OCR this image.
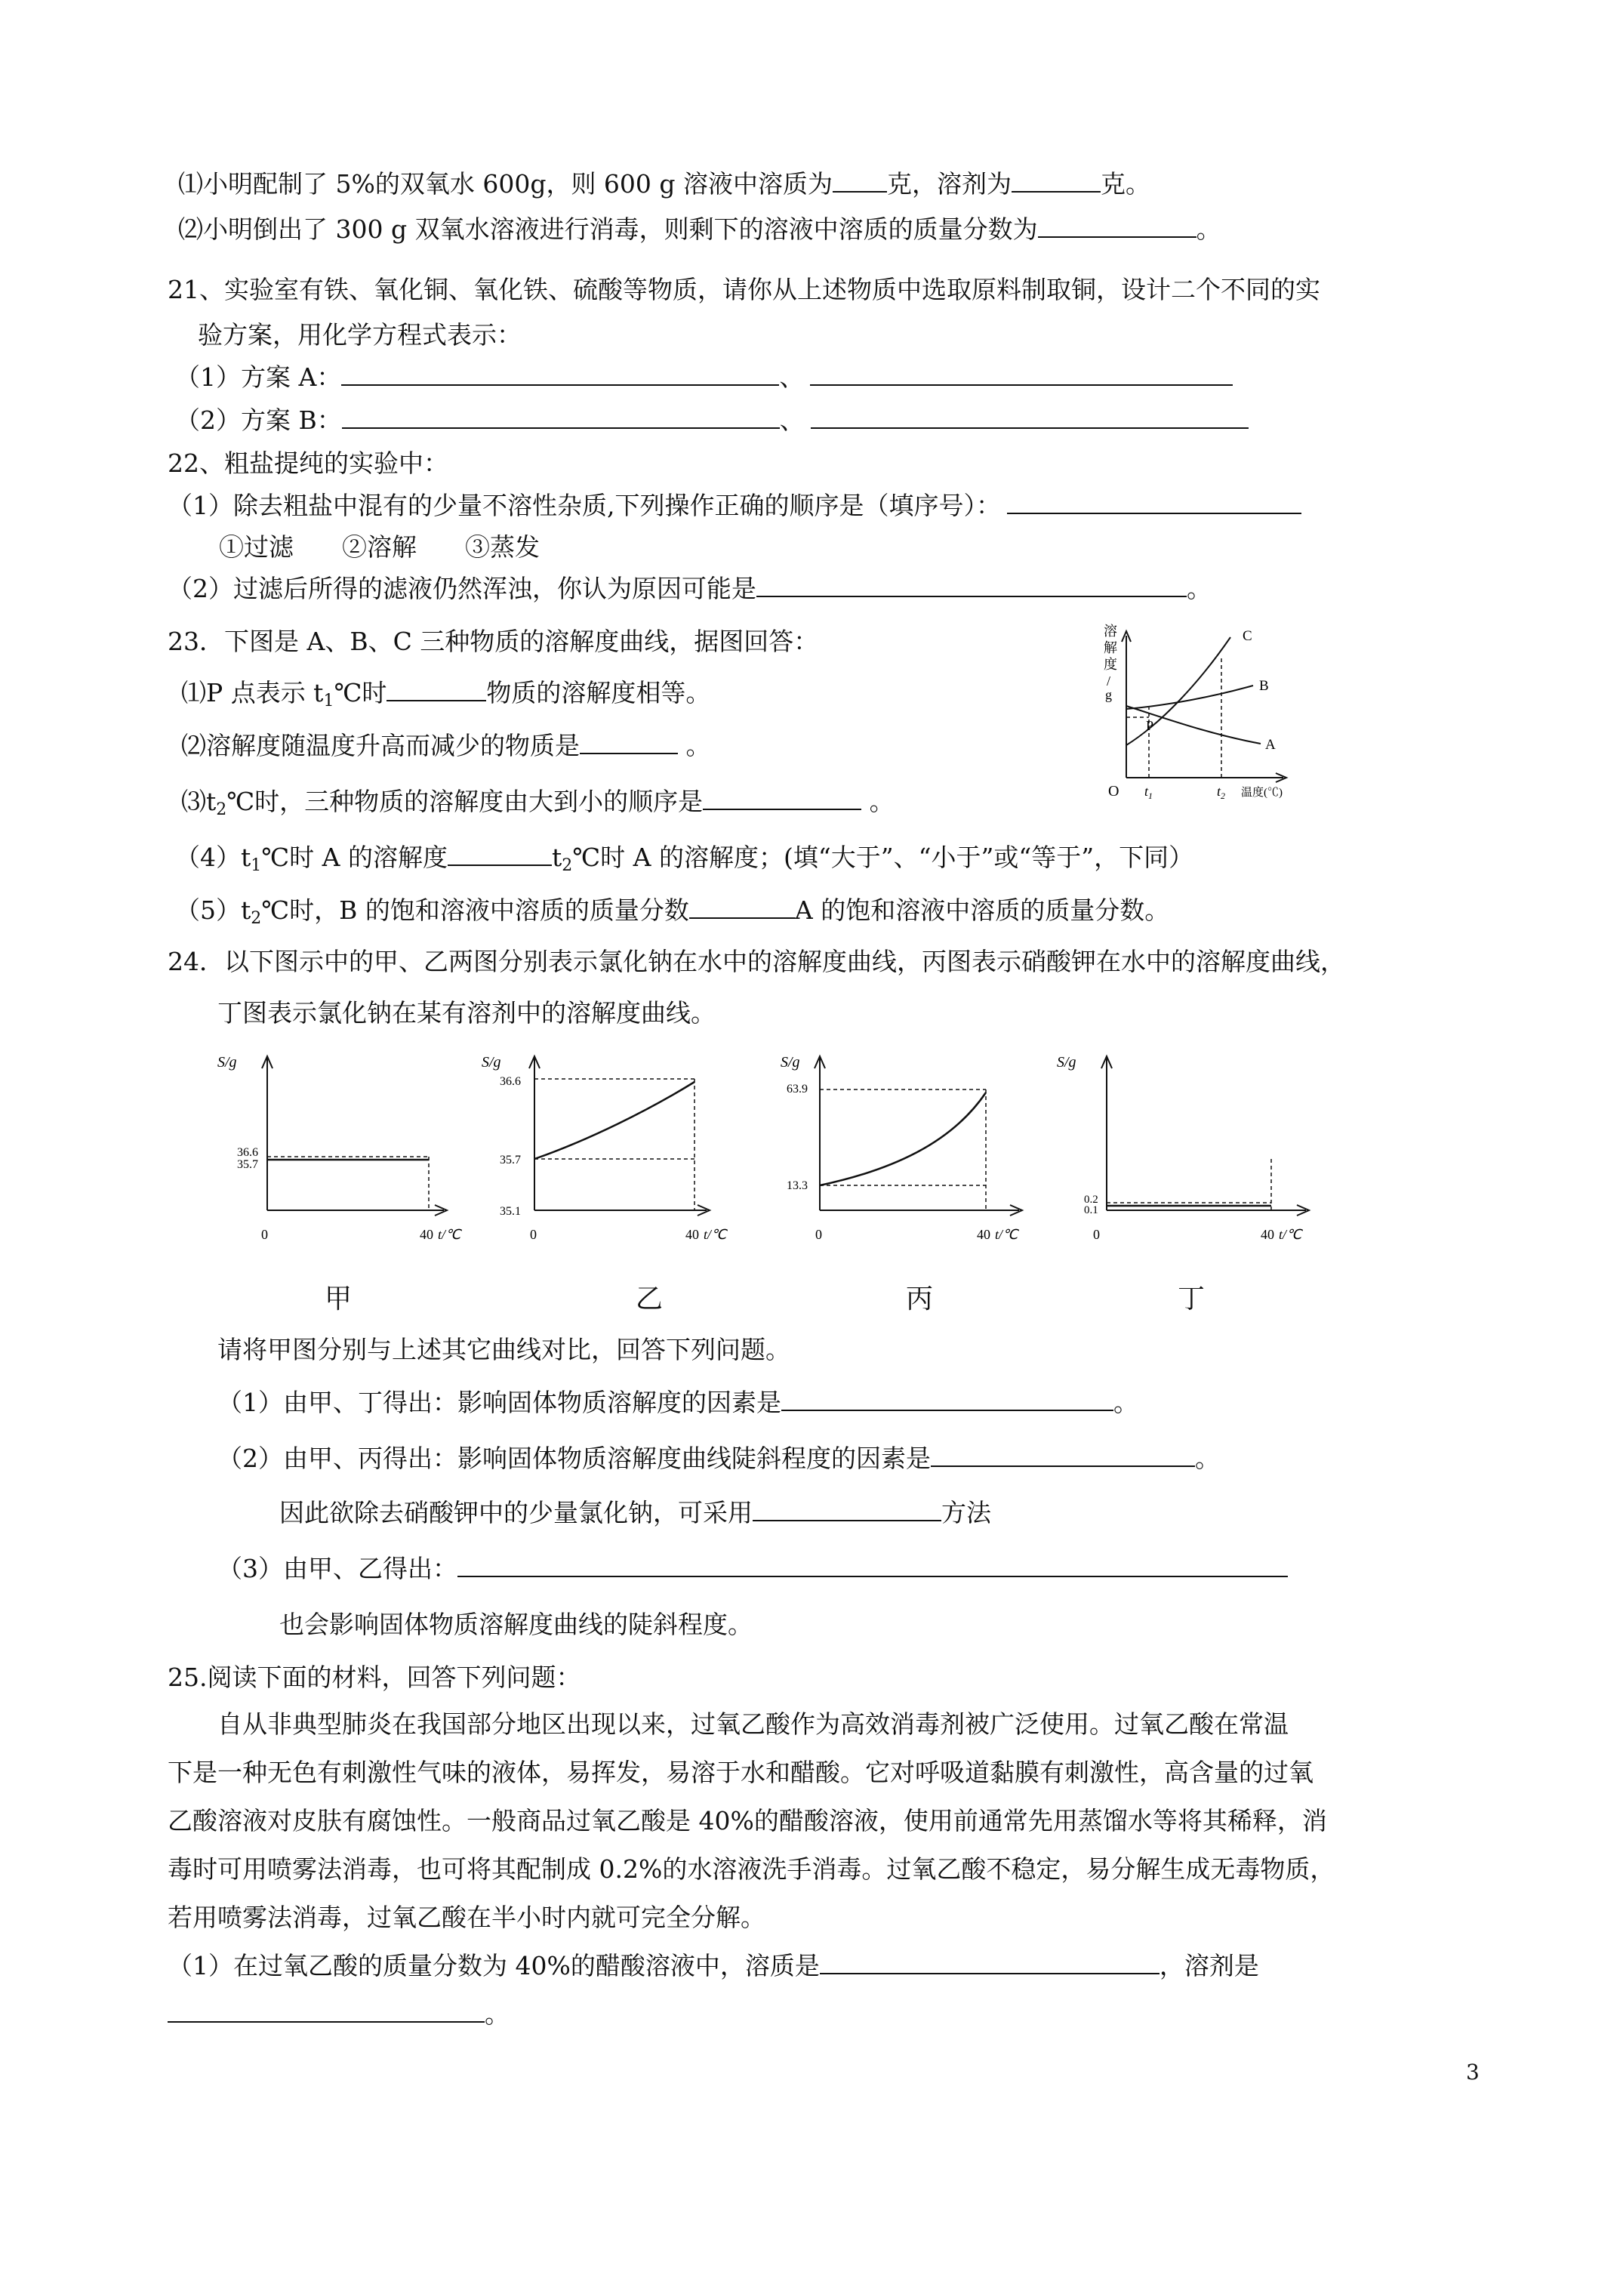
⑴小明配制了 5%的双氧水 600g，则 600 g 溶液中溶质为 克，溶剂为	克。
⑵小明倒出了 300 g 双氧水溶液进行消毒，则剩下的溶液中溶质的质量分数为	。
21、实验室有铁、氧化铜、氧化铁、硫酸等物质，请你从上述物质中选取原料制取铜，设计二个不同的实
验方案，用化学方程式表示：
（1）方案 A：	、
（2）方案 B：	、
22、粗盐提纯的实验中：
（1）除去粗盐中混有的少量不溶性杂质,下列操作正确的顺序是（填序号）：
①过滤 ②溶解 ③蒸发
（2）过滤后所得的滤液仍然浑浊，你认为原因可能是	。
23．下图是 A、B、C 三种物质的溶解度曲线，据图回答：
⑴P 点表示 $t_1℃$时	物质的溶解度相等。
⑵溶解度随温度升高而减少的物质是	。
$⑶t_2℃$时，三种物质的溶解度由大到小的顺序是	。
$(4)t_1℃$时 A 的溶解度	$t_2℃$时 A 的溶解度；(填“大于”、“小于”或“等于”，下同）
$(5)t_2℃$时，B 的饱和溶液中溶质的质量分数	A 的饱和溶液中溶质的质量分数。
溶
解
度
/
g
C
B
A
P
O $t_1$	$t_2$ 温度(℃)
24．以下图示中的甲、乙两图分别表示氯化钠在水中的溶解度曲线，丙图表示硝酸钾在水中的溶解度曲线，
丁图表示氯化钠在某有溶剂中的溶解度曲线。
S/g
36.6
35.7
0	40 t/℃
S/g
36.6
35.7
35.1
0	40 t/℃
S/g
63.9
13.3
0	40 t/℃
S/g
0.2
0.1
0	40 t/℃
甲	乙	丙	丁
请将甲图分别与上述其它曲线对比，回答下列问题。
（1）由甲、丁得出：影响固体物质溶解度的因素是	。
（2）由甲、丙得出：影响固体物质溶解度曲线陡斜程度的因素是	。
因此欲除去硝酸钾中的少量氯化钠，可采用	方法
（3）由甲、乙得出：
也会影响固体物质溶解度曲线的陡斜程度。
25.阅读下面的材料，回答下列问题：
自从非典型肺炎在我国部分地区出现以来，过氧乙酸作为高效消毒剂被广泛使用。过氧乙酸在常温
下是一种无色有刺激性气味的液体，易挥发，易溶于水和醋酸。它对呼吸道黏膜有刺激性，高含量的过氧
乙酸溶液对皮肤有腐蚀性。一般商品过氧乙酸是 40%的醋酸溶液，使用前通常先用蒸馏水等将其稀释，消
毒时可用喷雾法消毒，也可将其配制成 0.2%的水溶液洗手消毒。过氧乙酸不稳定，易分解生成无毒物质，
若用喷雾法消毒，过氧乙酸在半小时内就可完全分解。
（1）在过氧乙酸的质量分数为 40%的醋酸溶液中，溶质是	，溶剂是
。
3
